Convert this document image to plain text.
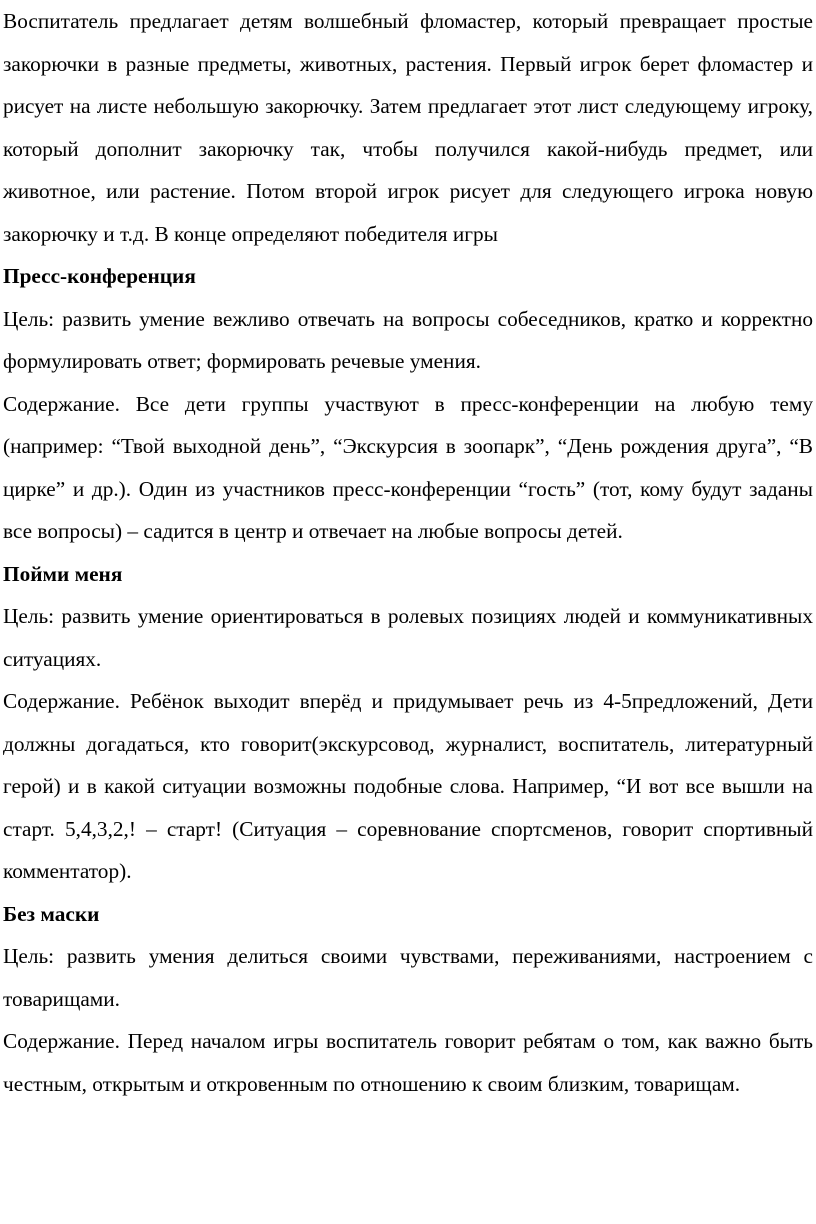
Воспитатель предлагает детям волшебный фломастер, который превращает простые закорючки в разные предметы, животных, растения. Первый игрок берет фломастер и рисует на листе небольшую закорючку. Затем предлагает этот лист следующему игроку, который дополнит закорючку так, чтобы получился какой-нибудь предмет, или животное, или растение. Потом второй игрок рисует для следующего игрока новую закорючку и т.д. В конце определяют победителя игры

Пресс-конференция

Цель: развить умение вежливо отвечать на вопросы собеседников, кратко и корректно формулировать ответ; формировать речевые умения.

Содержание. Все дети группы участвуют в пресс-конференции на любую тему (например: “Твой выходной день”, “Экскурсия в зоопарк”, “День рождения друга”, “В цирке” и др.). Один из участников пресс-конференции “гость” (тот, кому будут заданы все вопросы) – садится в центр и отвечает на любые вопросы детей.

Пойми меня

Цель: развить умение ориентироваться в ролевых позициях людей и коммуникативных ситуациях.

Содержание. Ребёнок выходит вперёд и придумывает речь из 4-5предложений, Дети должны догадаться, кто говорит(экскурсовод, журналист, воспитатель, литературный герой) и в какой ситуации возможны подобные слова. Например, “И вот все вышли на старт. 5,4,3,2,! – старт! (Ситуация – соревнование спортсменов, говорит спортивный комментатор).

Без маски

Цель: развить умения делиться своими чувствами, переживаниями, настроением с товарищами.

Содержание. Перед началом игры воспитатель говорит ребятам о том, как важно быть честным, открытым и откровенным по отношению к своим близким, товарищам.
